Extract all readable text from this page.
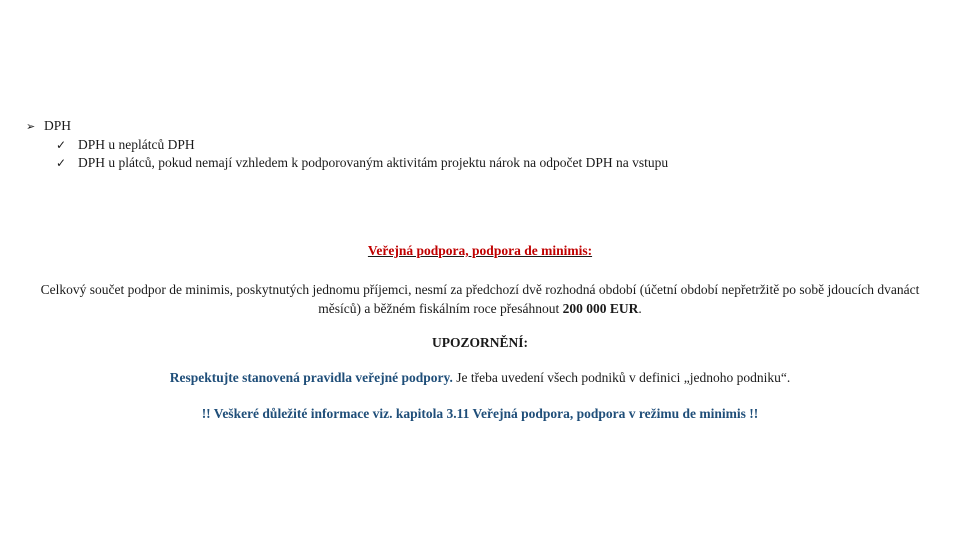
➢ DPH
✓ DPH u neplátců DPH
✓ DPH u plátců, pokud nemají vzhledem k podporovaným aktivitám projektu nárok na odpočet DPH na vstupu
Veřejná podpora, podpora de minimis:
Celkový součet podpor de minimis, poskytnutých jednomu příjemci, nesmí za předchozí dvě rozhodná období (účetní období nepřetržitě po sobě jdoucích dvanáct měsíců) a běžném fiskálním roce přesáhnout 200 000 EUR.
UPOZORNĚNÍ:
Respektujte stanovená pravidla veřejné podpory. Je třeba uvedení všech podniků v definici „jednoho podniku“.
!! Veškeré důležité informace viz. kapitola 3.11 Veřejná podpora, podpora v režimu de minimis !!
